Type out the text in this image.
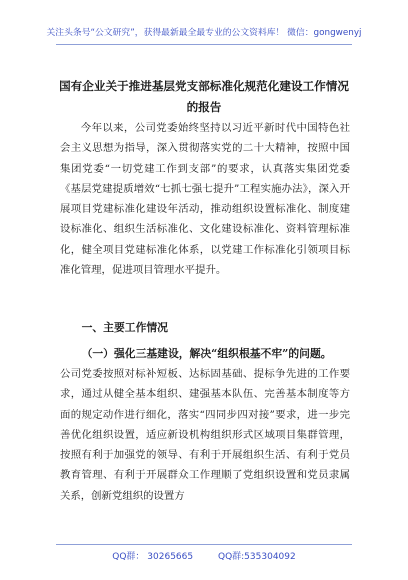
关注头条号“公文研究”，获得最新最全最专业的公文资料库！ 微信：gongwenyj
国有企业关于推进基层党支部标准化规范化建设工作情况
的报告

今年以来，公司党委始终坚持以习近平新时代中国特色社会主义思想为指导，深入贯彻落实党的二十大精神，按照中国集团党委“一切党建工作到支部”的要求，认真落实集团党委《基层党建提质增效“七抓七强七提升”工程实施办法》，深入开展项目党建标准化建设年活动，推动组织设置标准化、制度建设标准化、组织生活标准化、文化建设标准化、资料管理标准化，健全项目党建标准化体系，以党建工作标准化引领项目标准化管理，促进项目管理水平提升。

一、主要工作情况
（一）强化三基建设，解决“组织根基不牢”的问题。

公司党委按照对标补短板、达标固基础、提标争先进的工作要求，通过从健全基本组织、建强基本队伍、完善基本制度等方面的规定动作进行细化，落实“四同步四对接”要求，进一步完善优化组织设置，适应新设机构组织形式区域项目集群管理，按照有利于加强党的领导、有利于开展组织生活、有利于党员教育管理、有利于开展群众工作理顺了党组织设置和党员隶属关系，创新党组织的设置方

QQ群： 30265665	QQ群:535304092
